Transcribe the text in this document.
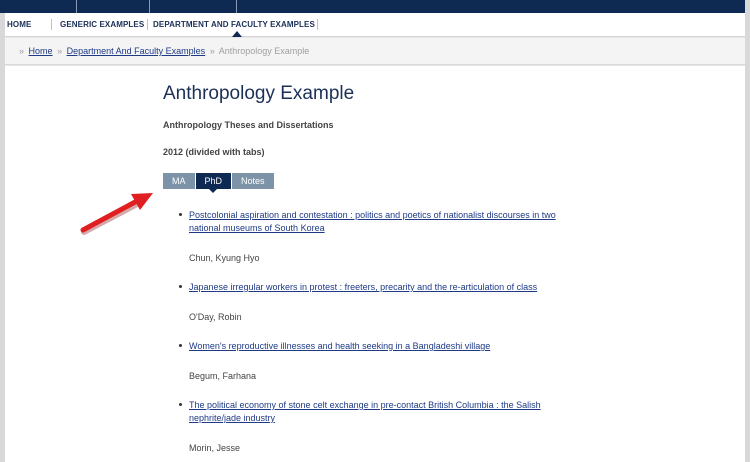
HOME	GENERIC EXAMPLES DEPARTMENT AND FACULTY EXAMPLES
» Home » Department And Faculty Examples » Anthropology Example
Anthropology Example
Anthropology Theses and Dissertations
2012 (divided with tabs)
MA	PhD	Notes
Postcolonial aspiration and contestation : politics and poetics of nationalist discourses in two national museums of South Korea
Chun, Kyung Hyo
Japanese irregular workers in protest : freeters, precarity and the re-articulation of class
O'Day, Robin
Women's reproductive illnesses and health seeking in a Bangladeshi village
Begum, Farhana
The political economy of stone celt exchange in pre-contact British Columbia : the Salish nephrite/jade industry
Morin, Jesse
